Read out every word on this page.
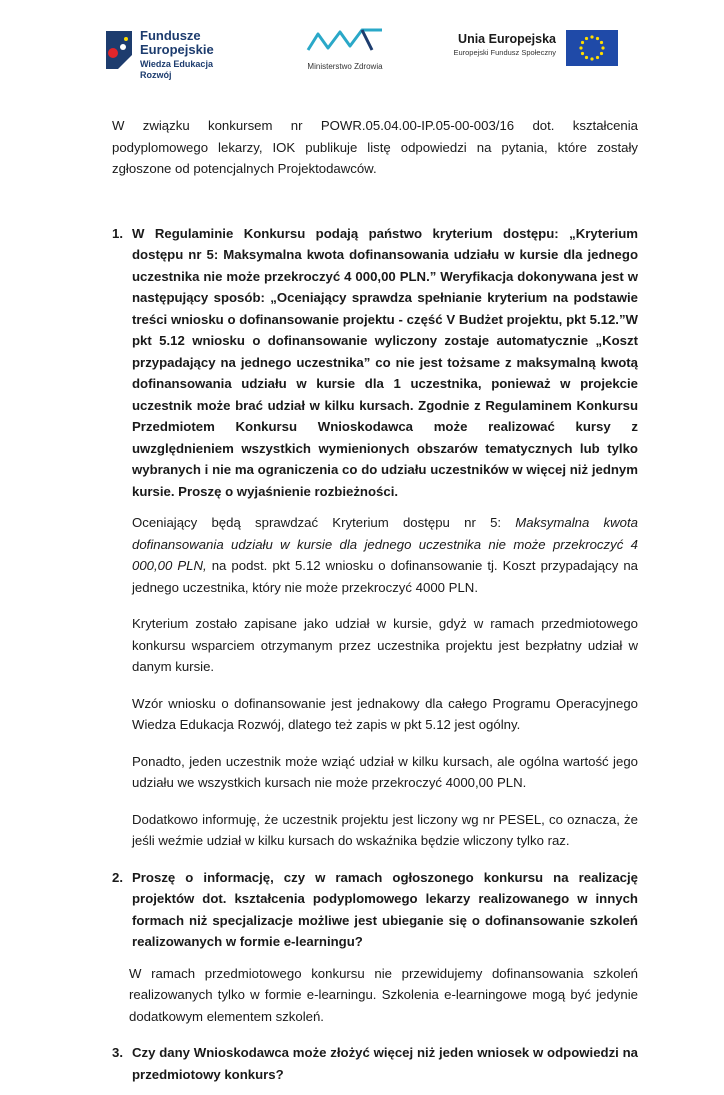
Fundusze
Europejskie
Wiedza Edukacja Rozwój
Ministerstwo Zdrowia
Unia Europejska
Europejski Fundusz Społeczny

W związku konkursem nr POWR.05.04.00-IP.05-00-003/16 dot. kształcenia podyplomowego lekarzy, IOK publikuje listę odpowiedzi na pytania, które zostały zgłoszone od potencjalnych Projektodawców.

1. W Regulaminie Konkursu podają państwo kryterium dostępu: „Kryterium dostępu nr 5: Maksymalna kwota dofinansowania udziału w kursie dla jednego uczestnika nie może przekroczyć 4 000,00 PLN.” Weryfikacja dokonywana jest w następujący sposób: „Oceniający sprawdza spełnianie kryterium na podstawie treści wniosku o dofinansowanie projektu - część V Budżet projektu, pkt 5.12.”W pkt 5.12 wniosku o dofinansowanie wyliczony zostaje automatycznie „Koszt przypadający na jednego uczestnika” co nie jest tożsame z maksymalną kwotą dofinansowania udziału w kursie dla 1 uczestnika, ponieważ w projekcie uczestnik może brać udział w kilku kursach. Zgodnie z Regulaminem Konkursu Przedmiotem Konkursu Wnioskodawca może realizować kursy z uwzględnieniem wszystkich wymienionych obszarów tematycznych lub tylko wybranych i nie ma ograniczenia co do udziału uczestników w więcej niż jednym kursie. Proszę o wyjaśnienie rozbieżności.

Oceniający będą sprawdzać Kryterium dostępu nr 5: Maksymalna kwota dofinansowania udziału w kursie dla jednego uczestnika nie może przekroczyć 4 000,00 PLN, na podst. pkt 5.12 wniosku o dofinansowanie tj. Koszt przypadający na jednego uczestnika, który nie może przekroczyć 4000 PLN.

Kryterium zostało zapisane jako udział w kursie, gdyż w ramach przedmiotowego konkursu wsparciem otrzymanym przez uczestnika projektu jest bezpłatny udział w danym kursie.

Wzór wniosku o dofinansowanie jest jednakowy dla całego Programu Operacyjnego Wiedza Edukacja Rozwój, dlatego też zapis w pkt 5.12 jest ogólny.

Ponadto, jeden uczestnik może wziąć udział w kilku kursach, ale ogólna wartość jego udziału we wszystkich kursach nie może przekroczyć 4000,00 PLN.

Dodatkowo informuję, że uczestnik projektu jest liczony wg nr PESEL, co oznacza, że jeśli weźmie udział w kilku kursach do wskaźnika będzie wliczony tylko raz.

2. Proszę o informację, czy w ramach ogłoszonego konkursu na realizację projektów dot. kształcenia podyplomowego lekarzy realizowanego w innych formach niż specjalizacje możliwe jest ubieganie się o dofinansowanie szkoleń realizowanych w formie e-learningu?

W ramach przedmiotowego konkursu nie przewidujemy dofinansowania szkoleń realizowanych tylko w formie e-learningu. Szkolenia e-learningowe mogą być jedynie dodatkowym elementem szkoleń.

3. Czy dany Wnioskodawca może złożyć więcej niż jeden wniosek w odpowiedzi na przedmiotowy konkurs?
